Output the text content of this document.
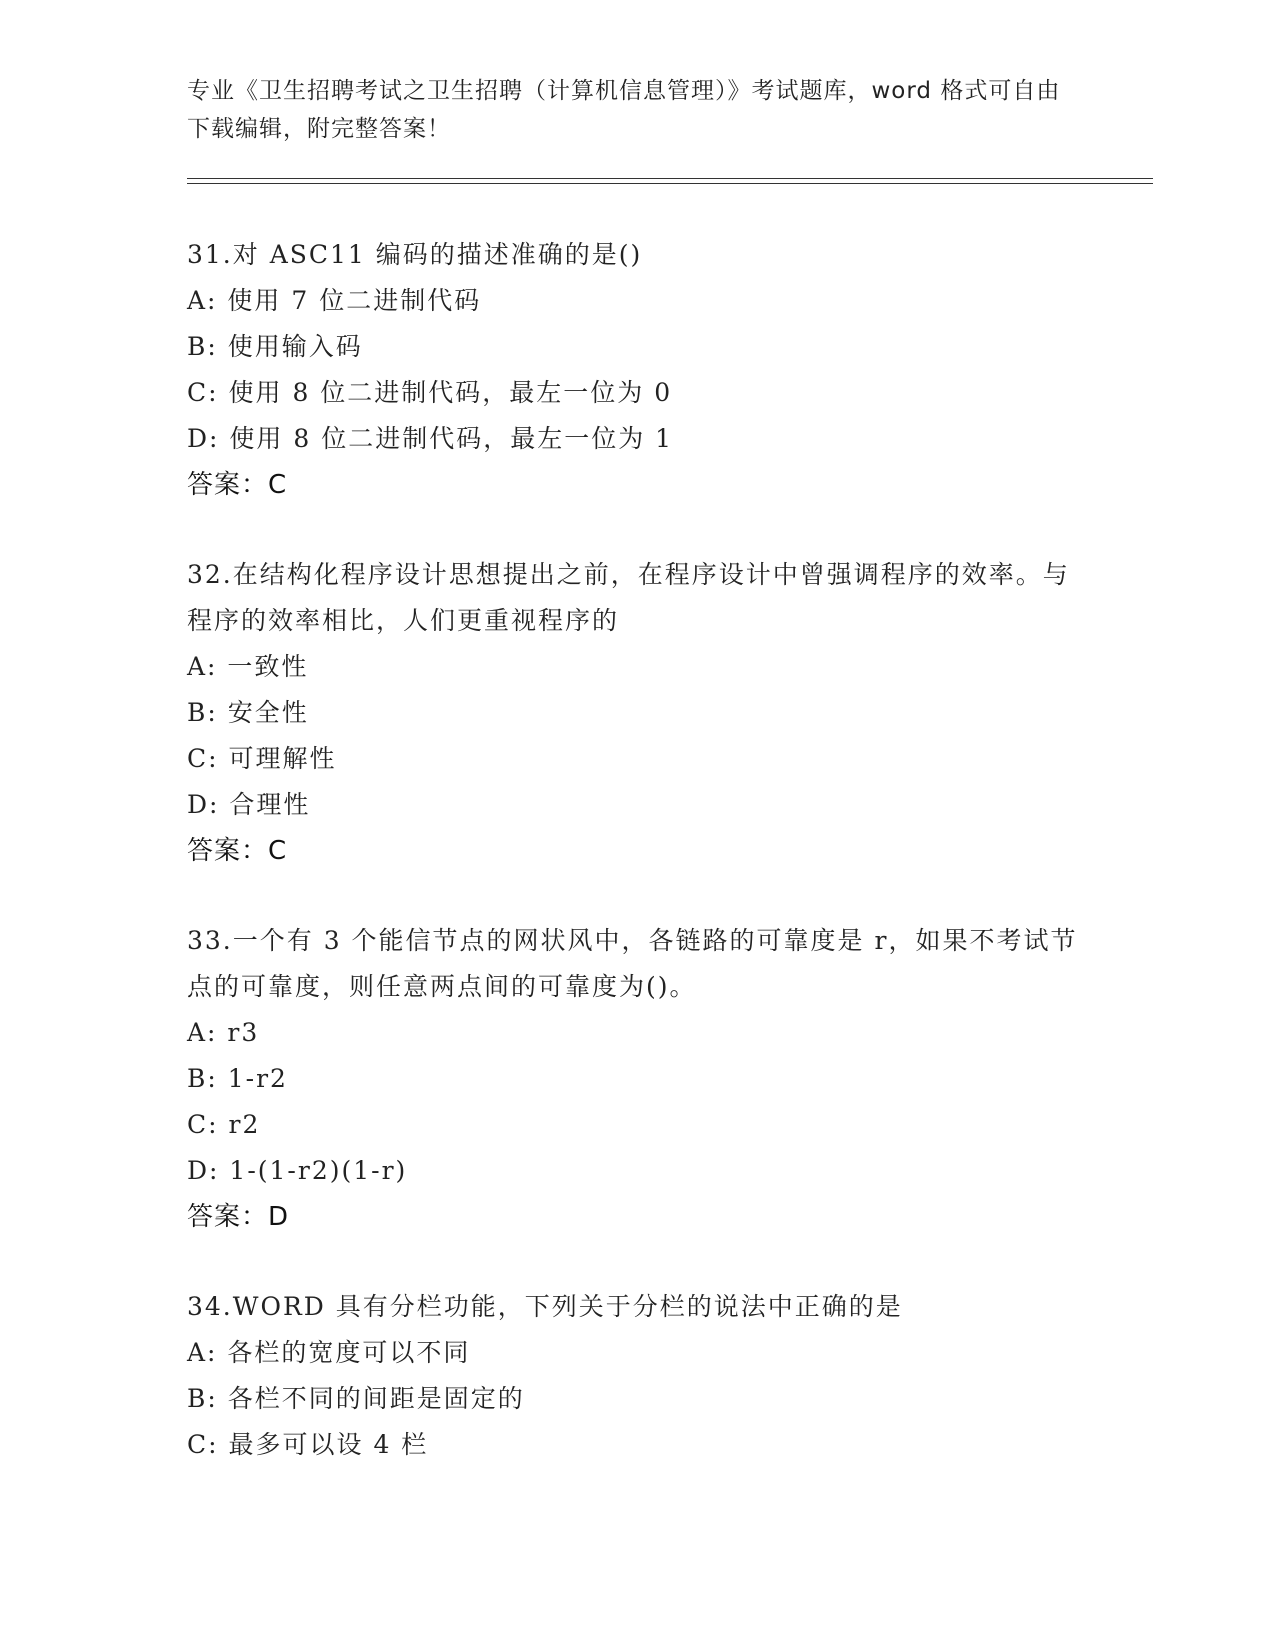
专业《卫生招聘考试之卫生招聘（计算机信息管理）》考试题库，word 格式可自由下载编辑，附完整答案！
31.对 ASC11 编码的描述准确的是()
A: 使用 7 位二进制代码
B: 使用输入码
C: 使用 8 位二进制代码，最左一位为 0
D: 使用 8 位二进制代码，最左一位为 1
答案：C
32.在结构化程序设计思想提出之前，在程序设计中曾强调程序的效率。与程序的效率相比，人们更重视程序的
A: 一致性
B: 安全性
C: 可理解性
D: 合理性
答案：C
33.一个有 3 个能信节点的网状风中，各链路的可靠度是 r，如果不考试节点的可靠度，则任意两点间的可靠度为()。
A: r3
B: 1-r2
C: r2
D: 1-(1-r2)(1-r)
答案：D
34.WORD 具有分栏功能，下列关于分栏的说法中正确的是
A: 各栏的宽度可以不同
B: 各栏不同的间距是固定的
C: 最多可以设 4 栏
